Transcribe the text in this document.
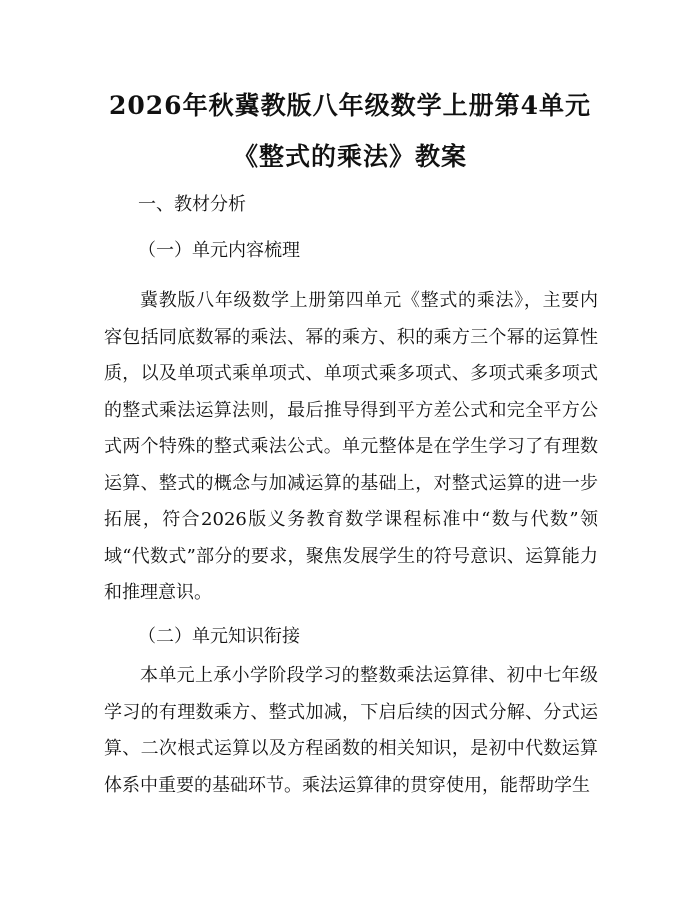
2026年秋冀教版八年级数学上册第4单元
《整式的乘法》教案
一、教材分析
（一）单元内容梳理
冀教版八年级数学上册第四单元《整式的乘法》，主要内容包括同底数幂的乘法、幂的乘方、积的乘方三个幂的运算性质，以及单项式乘单项式、单项式乘多项式、多项式乘多项式的整式乘法运算法则，最后推导得到平方差公式和完全平方公式两个特殊的整式乘法公式。单元整体是在学生学习了有理数运算、整式的概念与加减运算的基础上，对整式运算的进一步拓展，符合2026版义务教育数学课程标准中“数与代数”领域“代数式”部分的要求，聚焦发展学生的符号意识、运算能力和推理意识。
（二）单元知识衔接
本单元上承小学阶段学习的整数乘法运算律、初中七年级学习的有理数乘方、整式加减，下启后续的因式分解、分式运算、二次根式运算以及方程函数的相关知识，是初中代数运算体系中重要的基础环节。乘法运算律的贯穿使用，能帮助学生
